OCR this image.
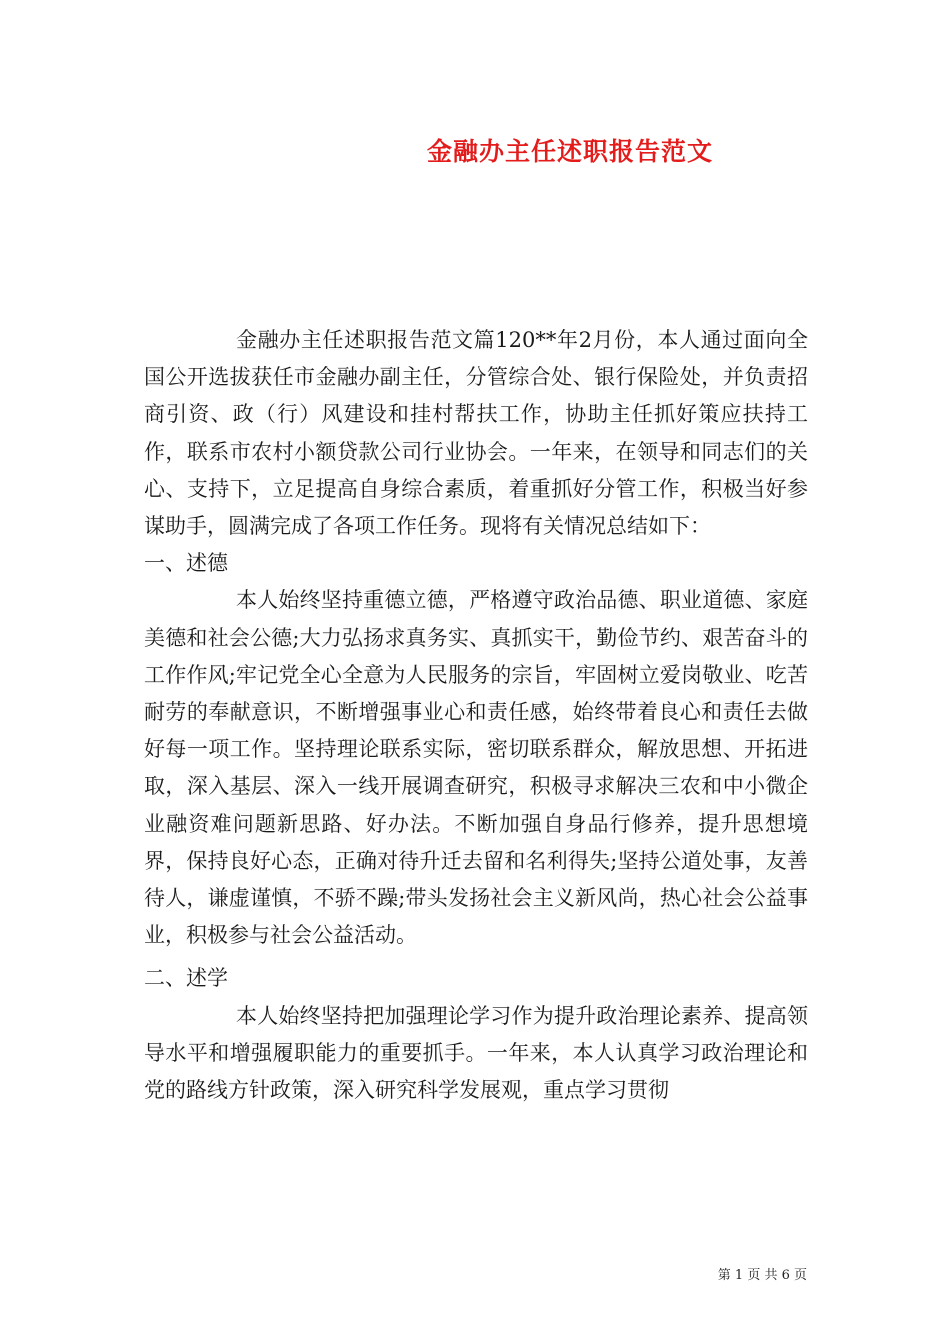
金融办主任述职报告范文

金融办主任述职报告范文篇120**年2月份，本人通过面向全国公开选拔获任市金融办副主任，分管综合处、银行保险处，并负责招商引资、政（行）风建设和挂村帮扶工作，协助主任抓好策应扶持工作，联系市农村小额贷款公司行业协会。一年来，在领导和同志们的关心、支持下，立足提高自身综合素质，着重抓好分管工作，积极当好参谋助手，圆满完成了各项工作任务。现将有关情况总结如下：

一、述德

本人始终坚持重德立德，严格遵守政治品德、职业道德、家庭美德和社会公德;大力弘扬求真务实、真抓实干，勤俭节约、艰苦奋斗的工作作风;牢记党全心全意为人民服务的宗旨，牢固树立爱岗敬业、吃苦耐劳的奉献意识，不断增强事业心和责任感，始终带着良心和责任去做好每一项工作。坚持理论联系实际，密切联系群众，解放思想、开拓进取，深入基层、深入一线开展调查研究，积极寻求解决三农和中小微企业融资难问题新思路、好办法。不断加强自身品行修养，提升思想境界，保持良好心态，正确对待升迁去留和名利得失;坚持公道处事，友善待人，谦虚谨慎，不骄不躁;带头发扬社会主义新风尚，热心社会公益事业，积极参与社会公益活动。

二、述学

本人始终坚持把加强理论学习作为提升政治理论素养、提高领导水平和增强履职能力的重要抓手。一年来，本人认真学习政治理论和党的路线方针政策，深入研究科学发展观，重点学习贯彻

第 1 页 共 6 页
